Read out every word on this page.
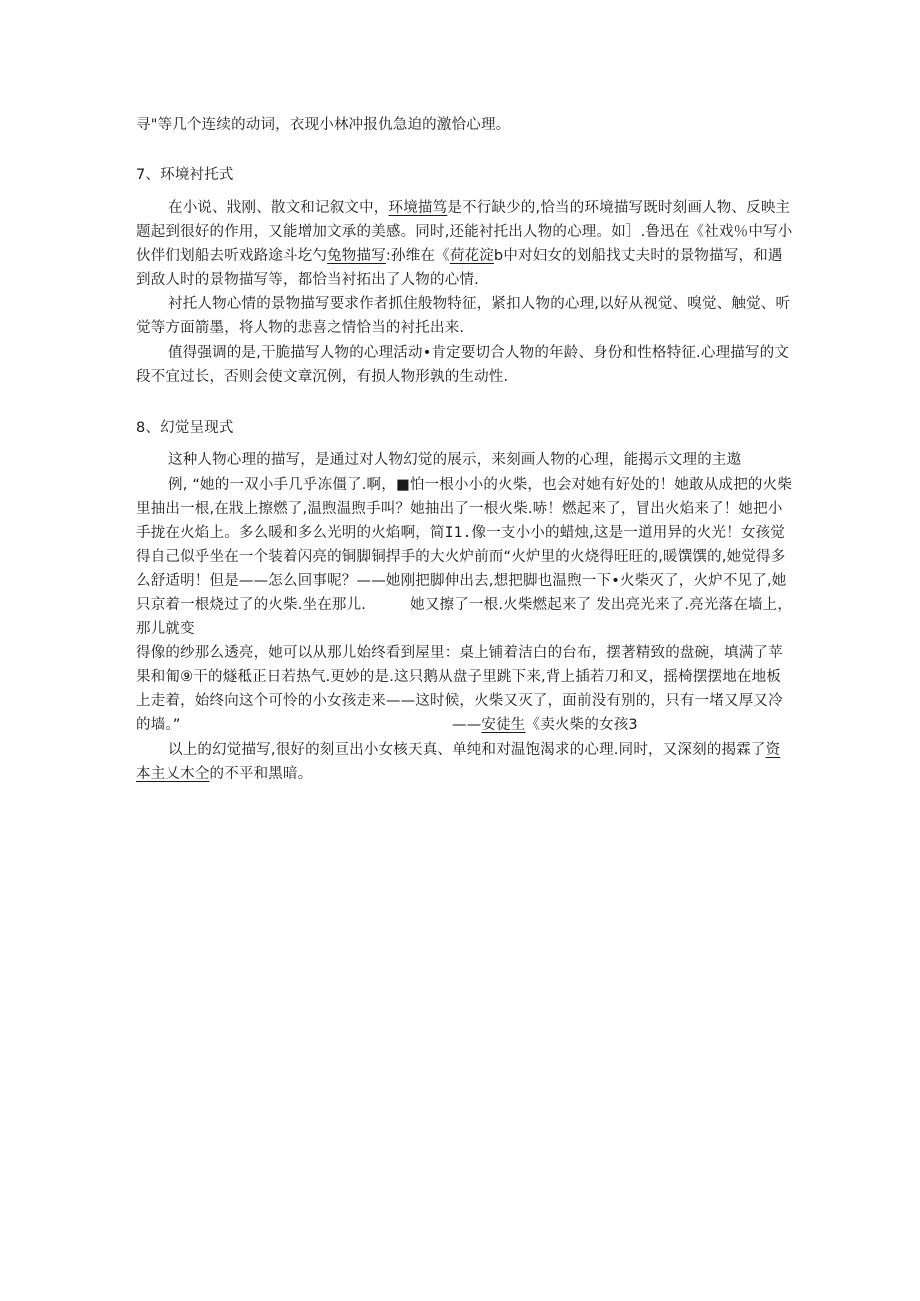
寻"等几个连续的动词，衣现小林冲报仇急迫的激恰心理。
7、环境衬托式
在小说、戕刚、散文和记叙文中，环境描笃是不行缺少的,恰当的环境描写既时刻画人物、反映主
题起到很好的作用，又能增加文承的美感。同时,还能衬托出人物的心理。如］.鲁迅在《社戏％中写小
伙伴们划船去听戏路途斗圪勺兔物描写:孙维在《荷花淀b中对妇女的划船找丈夫时的景物描写，和遇
到敌人时的景物描写等，都恰当衬拓出了人物的心情.
衬托人物心情的景物描写要求作者抓住般物特征，紧扣人物的心理,以好从视觉、嗅觉、触觉、听
觉等方面箭墨，将人物的悲喜之情恰当的衬托出来.
值得强调的是,干脆描写人物的心理活动•肯定要切合人物的年龄、身份和性格特征.心理描写的文
段不宜过长，否则会使文章沉例，有损人物形孰的生动性.
8、幻觉呈现式
这种人物心理的描写，是通过对人物幻觉的展示，来刻画人物的心理，能揭示文理的主遨
例, “她的一双小手几乎冻僵了.啊，■怕一根小小的火柴，也会对她有好处的！她敢从成把的火柴
里抽出一根,在戕上擦燃了,温煦温煦手叫？她抽出了一根火柴.哧！燃起来了，冒出火焰来了！她把小
手拢在火焰上。多么暖和多么光明的火焰啊，简I1.像一支小小的蜡烛,这是一道用异的火光！女孩觉
得自己似乎坐在一个装着闪亮的铜脚铜捍手的大火炉前而“火炉里的火烧得旺旺的,暖馔馔的,她觉得多
么舒适明！但是——怎么回事呢？——她刚把脚伸出去,想把脚也温煦一下•火柴灭了，火炉不见了,她
只京着一根烧过了的火柴.坐在那儿.	她又擦了一根.火柴燃起来了 发出亮光来了.亮光落在墙上，
那儿就变
得像的纱那么透亮，她可以从那儿始终看到屋里：桌上铺着洁白的台布，摆著精致的盘碗，填满了苹
果和匍⑨干的燧秪正日若热气.更妙的是.这只鹅从盘子里跳下来,背上插若刀和叉，摇椅摆摆地在地板
上走着，始终向这个可怜的小女孩走来——这时候，火柴又灭了，面前没有别的，只有一堵又厚又冷
的墙。”	——安徒生《卖火柴的女孩3
以上的幻觉描写,很好的刻亘出小女核天真、单纯和对温饱渴求的心理.同时，又深刻的揭霖了资
本主乂木仝的不平和黑暗。
